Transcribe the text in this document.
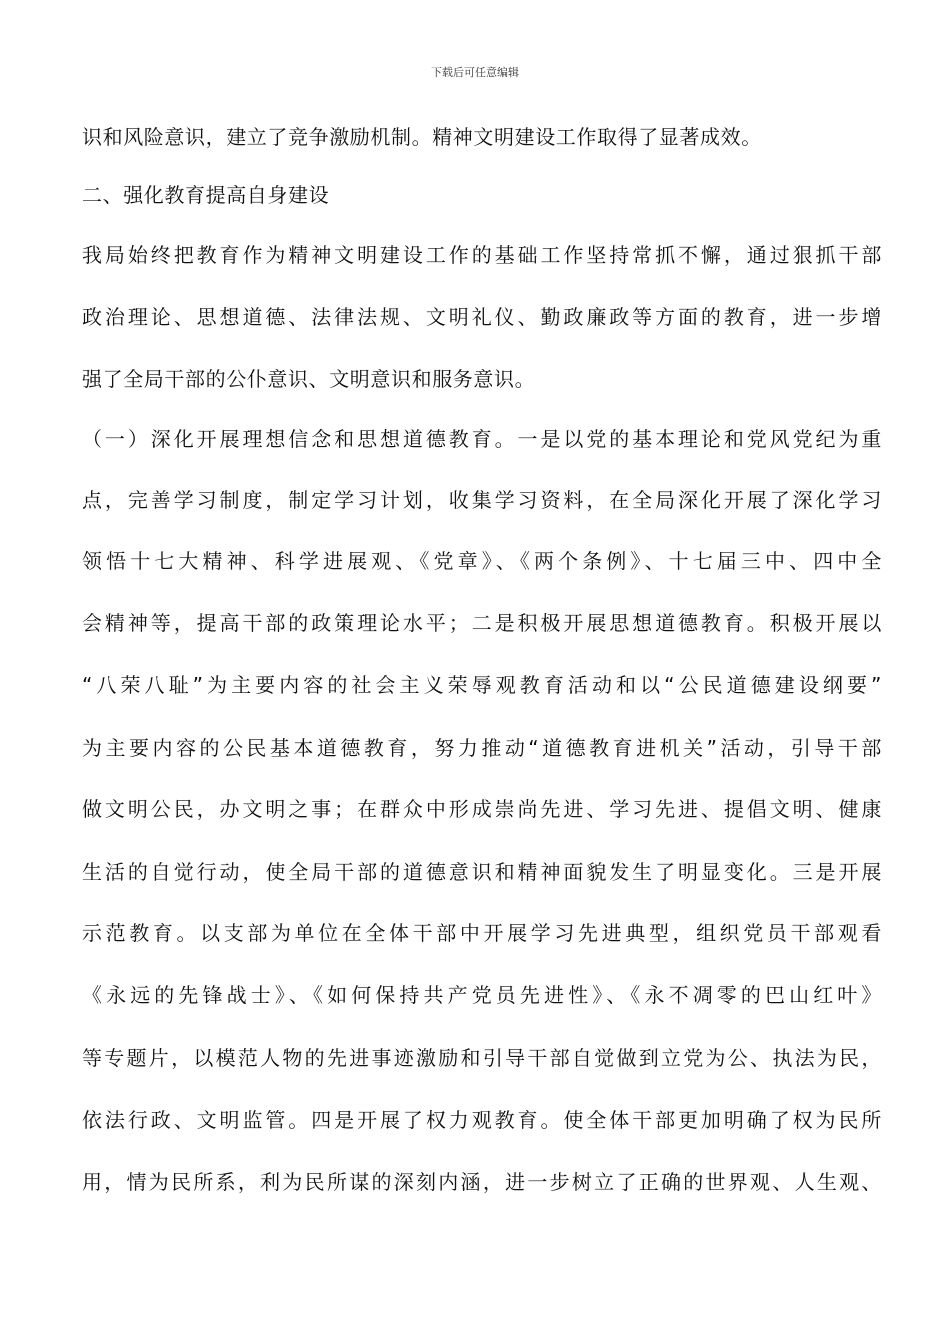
下载后可任意编辑
识和风险意识，建立了竞争激励机制。精神文明建设工作取得了显著成效。
二、强化教育提高自身建设
我局始终把教育作为精神文明建设工作的基础工作坚持常抓不懈，通过狠抓干部
政治理论、思想道德、法律法规、文明礼仪、勤政廉政等方面的教育，进一步增
强了全局干部的公仆意识、文明意识和服务意识。
（一）深化开展理想信念和思想道德教育。一是以党的基本理论和党风党纪为重
点，完善学习制度，制定学习计划，收集学习资料，在全局深化开展了深化学习
领悟十七大精神、科学进展观、《党章》、《两个条例》、十七届三中、四中全
会精神等，提高干部的政策理论水平；二是积极开展思想道德教育。积极开展以
“八荣八耻”为主要内容的社会主义荣辱观教育活动和以“公民道德建设纲要”
为主要内容的公民基本道德教育，努力推动“道德教育进机关”活动，引导干部
做文明公民，办文明之事；在群众中形成崇尚先进、学习先进、提倡文明、健康
生活的自觉行动，使全局干部的道德意识和精神面貌发生了明显变化。三是开展
示范教育。以支部为单位在全体干部中开展学习先进典型，组织党员干部观看
《永远的先锋战士》、《如何保持共产党员先进性》、《永不凋零的巴山红叶》
等专题片，以模范人物的先进事迹激励和引导干部自觉做到立党为公、执法为民，
依法行政、文明监管。四是开展了权力观教育。使全体干部更加明确了权为民所
用，情为民所系，利为民所谋的深刻内涵，进一步树立了正确的世界观、人生观、
